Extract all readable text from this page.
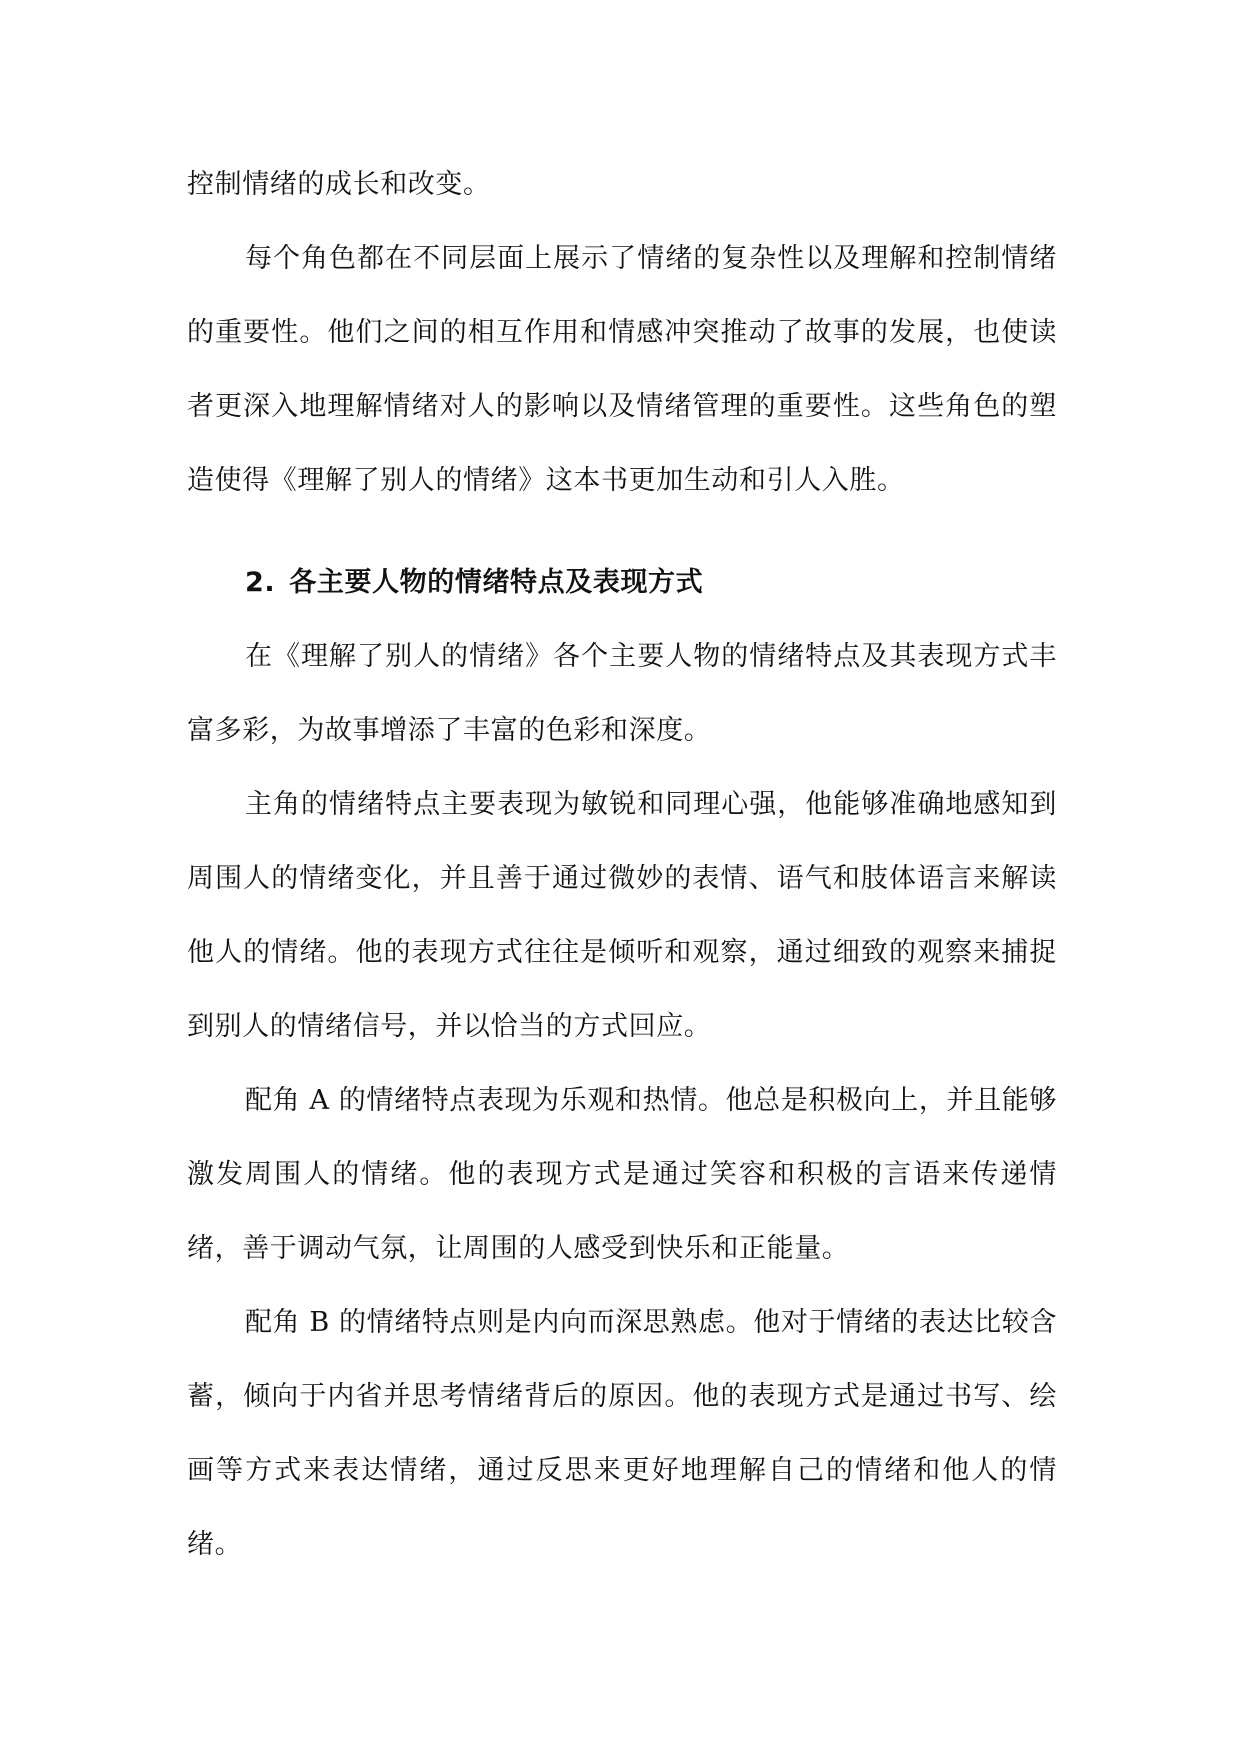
控制情绪的成长和改变。

每个角色都在不同层面上展示了情绪的复杂性以及理解和控制情绪的重要性。他们之间的相互作用和情感冲突推动了故事的发展，也使读者更深入地理解情绪对人的影响以及情绪管理的重要性。这些角色的塑造使得《理解了别人的情绪》这本书更加生动和引人入胜。

2. 各主要人物的情绪特点及表现方式

在《理解了别人的情绪》各个主要人物的情绪特点及其表现方式丰富多彩，为故事增添了丰富的色彩和深度。

主角的情绪特点主要表现为敏锐和同理心强，他能够准确地感知到周围人的情绪变化，并且善于通过微妙的表情、语气和肢体语言来解读他人的情绪。他的表现方式往往是倾听和观察，通过细致的观察来捕捉到别人的情绪信号，并以恰当的方式回应。

配角 A 的情绪特点表现为乐观和热情。他总是积极向上，并且能够激发周围人的情绪。他的表现方式是通过笑容和积极的言语来传递情绪，善于调动气氛，让周围的人感受到快乐和正能量。

配角 B 的情绪特点则是内向而深思熟虑。他对于情绪的表达比较含蓄，倾向于内省并思考情绪背后的原因。他的表现方式是通过书写、绘画等方式来表达情绪，通过反思来更好地理解自己的情绪和他人的情绪。
